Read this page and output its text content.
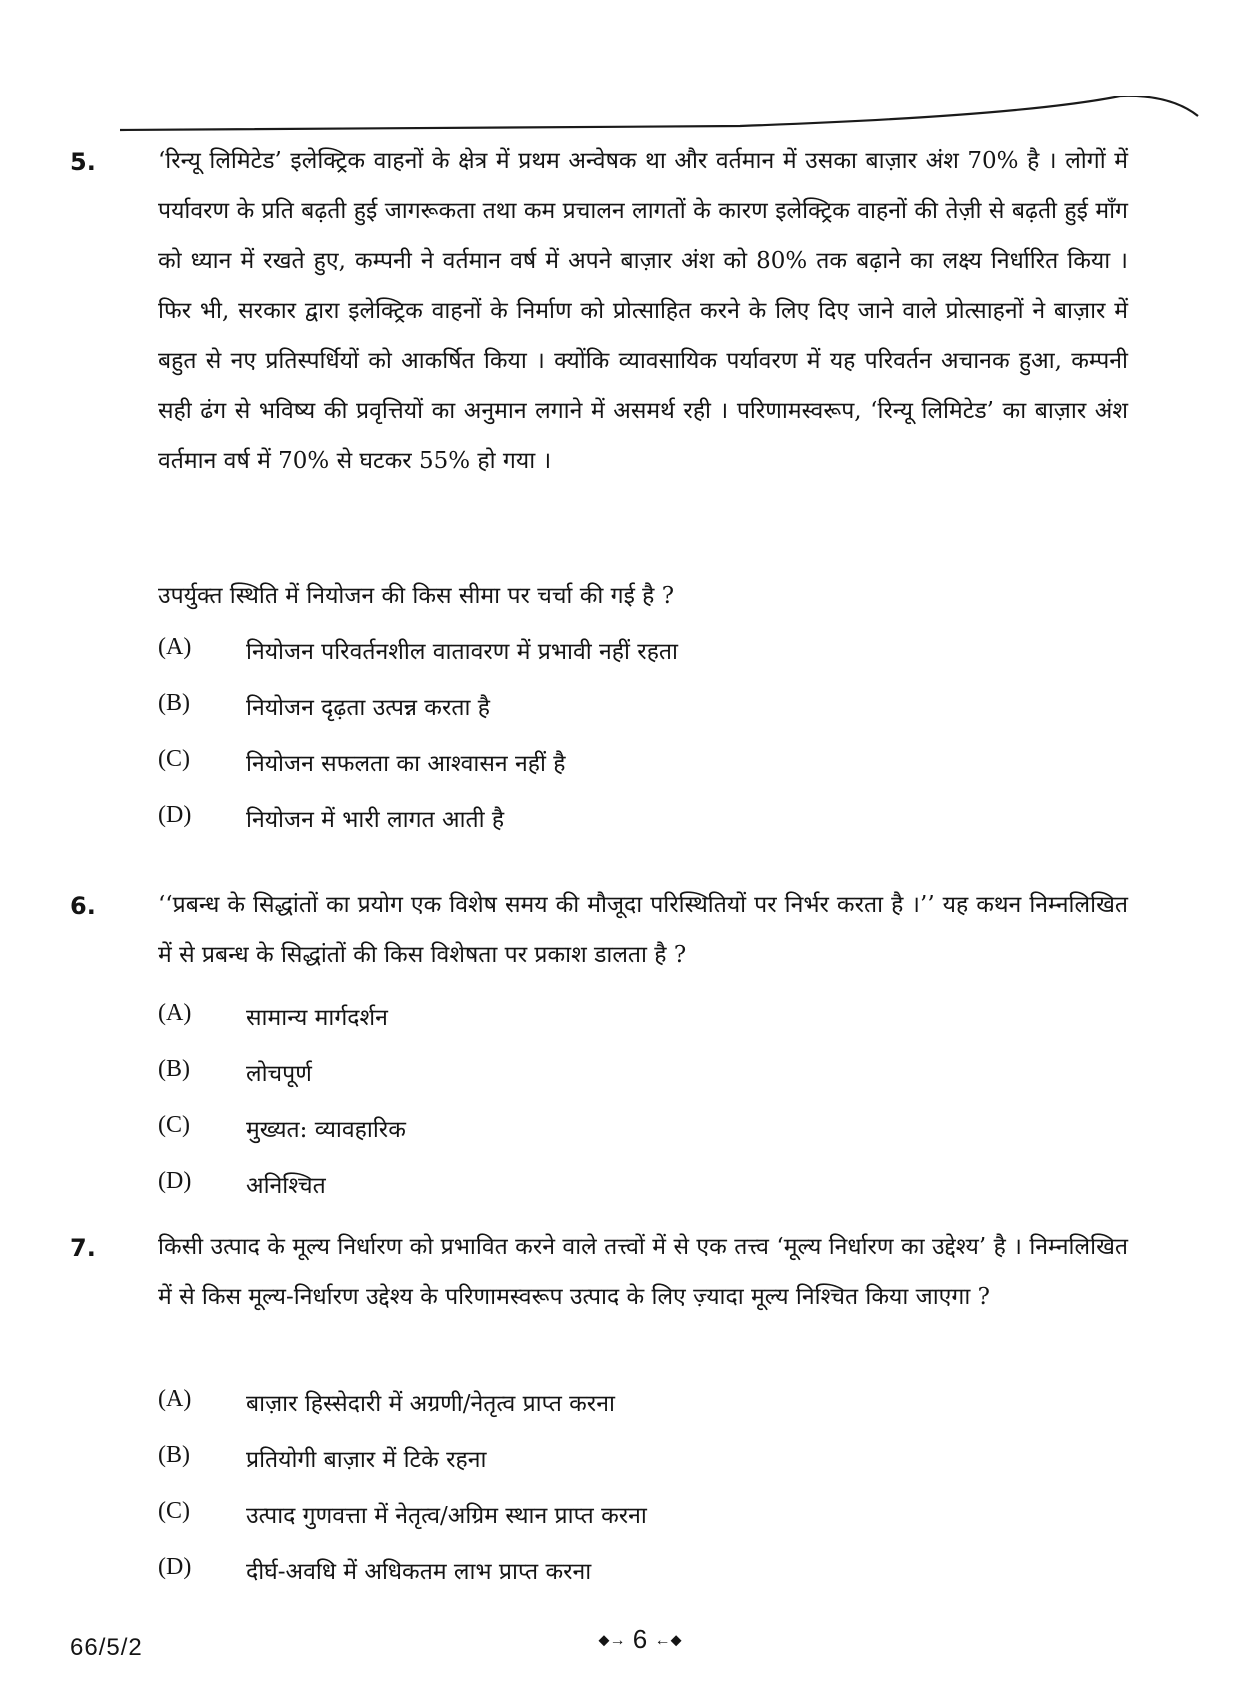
5.	‘रिन्यू लिमिटेड’ इलेक्ट्रिक वाहनों के क्षेत्र में प्रथम अन्वेषक था और वर्तमान में उसका बाज़ार अंश 70% है । लोगों में पर्यावरण के प्रति बढ़ती हुई जागरूकता तथा कम प्रचालन लागतों के कारण इलेक्ट्रिक वाहनों की तेज़ी से बढ़ती हुई माँग को ध्यान में रखते हुए, कम्पनी ने वर्तमान वर्ष में अपने बाज़ार अंश को 80% तक बढ़ाने का लक्ष्य निर्धारित किया । फिर भी, सरकार द्वारा इलेक्ट्रिक वाहनों के निर्माण को प्रोत्साहित करने के लिए दिए जाने वाले प्रोत्साहनों ने बाज़ार में बहुत से नए प्रतिस्पर्धियों को आकर्षित किया । क्योंकि व्यावसायिक पर्यावरण में यह परिवर्तन अचानक हुआ, कम्पनी सही ढंग से भविष्य की प्रवृत्तियों का अनुमान लगाने में असमर्थ रही । परिणामस्वरूप, ‘रिन्यू लिमिटेड’ का बाज़ार अंश वर्तमान वर्ष में 70% से घटकर 55% हो गया ।
उपर्युक्त स्थिति में नियोजन की किस सीमा पर चर्चा की गई है ?
(A) नियोजन परिवर्तनशील वातावरण में प्रभावी नहीं रहता
(B) नियोजन दृढ़ता उत्पन्न करता है
(C) नियोजन सफलता का आश्वासन नहीं है
(D) नियोजन में भारी लागत आती है
6.	‘‘प्रबन्ध के सिद्धांतों का प्रयोग एक विशेष समय की मौजूदा परिस्थितियों पर निर्भर करता है ।’’ यह कथन निम्नलिखित में से प्रबन्ध के सिद्धांतों की किस विशेषता पर प्रकाश डालता है ?
(A) सामान्य मार्गदर्शन
(B) लोचपूर्ण
(C) मुख्यत: व्यावहारिक
(D) अनिश्चित
7.	किसी उत्पाद के मूल्य निर्धारण को प्रभावित करने वाले तत्त्वों में से एक तत्त्व ‘मूल्य निर्धारण का उद्देश्य’ है । निम्नलिखित में से किस मूल्य-निर्धारण उद्देश्य के परिणामस्वरूप उत्पाद के लिए ज़्यादा मूल्य निश्चित किया जाएगा ?
(A) बाज़ार हिस्सेदारी में अग्रणी/नेतृत्व प्राप्त करना
(B) प्रतियोगी बाज़ार में टिके रहना
(C) उत्पाद गुणवत्ता में नेतृत्व/अग्रिम स्थान प्राप्त करना
(D) दीर्घ-अवधि में अधिकतम लाभ प्राप्त करना
66/5/2	⬥→ 6 ←⬥
